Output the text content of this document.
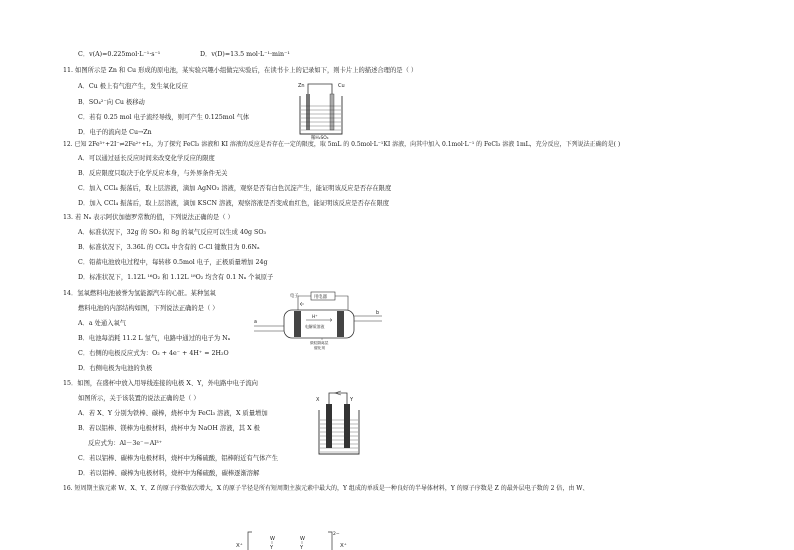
C．v(A)=0.225mol·L⁻¹·s⁻¹	D．v(D)=13.5 mol·L⁻¹·min⁻¹
11. 如图所示是 Zn 和 Cu 形成的原电池，某实验兴趣小组做完实验后，在读书卡上的记录如下，则卡片上的描述合理的是（ ）
A．Cu 极上有气泡产生，发生氧化反应
B．SO₄²⁻向 Cu 极移动
C．若有 0.25 mol 电子流经导线，则可产生 0.125mol 气体
D．电子的流向是 Cu→Zn
Zn	Cu
稀H₂SO₄
12. 已知 2Fe³⁺+2I⁻⇌2Fe²⁺+I₂，为了探究 FeCl₃ 溶液和 KI 溶液的反应是否存在一定的限度，取 5mL 的 0.5mol·L⁻¹KI 溶液，向其中加入 0.1mol·L⁻¹ 的 FeCl₃ 溶液 1mL，充分反应，下列说法正确的是( )
A．可以通过延长反应时间来改变化学反应的限度
B．反应限度只取决于化学反应本身，与外界条件无关
C．加入 CCl₄ 振荡后，取上层溶液，滴加 AgNO₃ 溶液，观察是否有白色沉淀产生，能证明该反应是否存在限度
D．加入 CCl₄ 振荡后，取上层溶液，滴加 KSCN 溶液，观察溶液是否变成血红色，能证明该反应是否存在限度
13. 若 Nₐ 表示阿伏加德罗常数的值，下列说法正确的是（ ）
A．标准状况下，32g 的 SO₂ 和 8g 的氧气反应可以生成 40g SO₃
B．标准状况下，3.36L 的 CCl₄ 中含有的 C-Cl 键数目为 0.6Nₐ
C．铅蓄电池放电过程中，每转移 0.5mol 电子，正极质量增加 24g
D．标准状况下，1.12L ¹⁶O₂ 和 1.12L ¹⁸O₂ 均含有 0.1 Nₐ 个氧原子
14．氢氧燃料电池被誉为氢能源汽车的心脏。某种氢氧
燃料电池的内部结构如图，下列说法正确的是（ ）
A．a 处通入氧气
B．电池每消耗 11.2 L 氢气，电路中通过的电子为 Nₐ
C．右侧的电极反应式为：O₂ + 4e⁻ + 4H⁺ = 2H₂O
D．右侧电极为电池的负极
电子	用电器
a
b
H⁺
电解质溶液
微粒隔离层
催化剂
15．如图，在盛杯中放入用导线连接的电极 X、Y，外电路中电子流向
如图所示，关于该装置的说法正确的是（ ）
A．若 X、Y 分别为铁棒、碳棒，烧杯中为 FeCl₃ 溶液，X 质量增加
B．若以铝棒、镁棒为电极材料，烧杯中为 NaOH 溶液，其 X 极
反应式为：Al－3e⁻＝Al³⁺
C．若以铝棒、碳棒为电极材料，烧杯中为稀硫酸，铝棒附近有气体产生
D．若以铝棒、碳棒为电极材料，烧杯中为稀硫酸，碳棒逐渐溶解
X	Y
16. 短周期主族元素 W、X、Y、Z 的原子序数依次增大，X 的原子半径是所有短周期主族元素中最大的，Y 组成的单质是一种良好的半导体材料，Y 的原子序数是 Z 的最外层电子数的 2 倍，由 W、
X⁺
W	W
Y	Y
2−
X⁺
